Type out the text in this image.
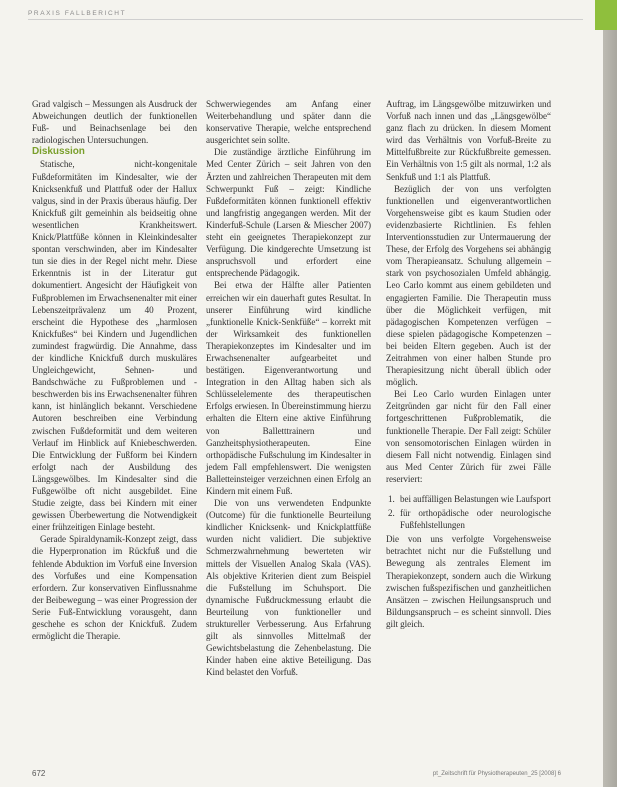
PRAXIS FALLBERICHT

Grad valgisch – Messungen als Ausdruck der Abweichungen deutlich der funktionellen Fuß- und Beinachsenlage bei den radiologischen Untersuchungen.

Diskussion

Statische, nicht-kongenitale Fußdeformitäten im Kindesalter, wie der Knicksenkfuß und Plattfuß oder der Hallux valgus, sind in der Praxis überaus häufig. Der Knickfuß gilt gemeinhin als beidseitig ohne wesentlichen Krankheitswert. Knick/Plattfüße können in Kleinkindesalter spontan verschwinden, aber im Kindesalter tun sie dies in der Regel nicht mehr. Diese Erkenntnis ist in der Literatur gut dokumentiert. Angesicht der Häufigkeit von Fußproblemen im Erwachsenenalter mit einer Lebenszeitprävalenz um 40 Prozent, erscheint die Hypothese des „harmlosen Knickfußes“ bei Kindern und Jugendlichen zumindest fragwürdig. Die Annahme, dass der kindliche Knickfuß durch muskuläres Ungleichgewicht, Sehnen- und Bandschwäche zu Fußproblemen und -beschwerden bis ins Erwachsenenalter führen kann, ist hinlänglich bekannt. Verschiedene Autoren beschreiben eine Verbindung zwischen Fußdeformität und dem weiteren Verlauf im Hinblick auf Kniebeschwerden. Die Entwicklung der Fußform bei Kindern erfolgt nach der Ausbildung des Längsgewölbes. Im Kindesalter sind die Fußgewölbe oft nicht ausgebildet. Eine Studie zeigte, dass bei Kindern mit einer gewissen Überbewertung die Notwendigkeit einer frühzeitigen Einlage besteht.

Gerade Spiraldynamik-Konzept zeigt, dass die Hyperpronation im Rückfuß und die fehlende Abduktion im Vorfuß eine Inversion des Vorfußes und eine Kompensation erfordern. Zur konservativen Einflussnahme der Beibewegung – was einer Progression der Serie Fuß-Entwicklung vorausgeht, dann geschehe es schon der Knickfuß. Zudem ermöglicht die Therapie.

Schwerwiegendes am Anfang einer Weiterbehandlung und später dann die konservative Therapie, welche entsprechend ausgerichtet sein sollte.

Die zuständige ärztliche Einführung im Med Center Zürich – seit Jahren von den Ärzten und zahlreichen Therapeuten mit dem Schwerpunkt Fuß – zeigt: Kindliche Fußdeformitäten können funktionell effektiv und langfristig angegangen werden. Mit der Kinderfuß-Schule (Larsen & Miescher 2007) steht ein geeignetes Therapiekonzept zur Verfügung. Die kindgerechte Umsetzung ist anspruchsvoll und erfordert eine entsprechende Pädagogik.

Bei etwa der Hälfte aller Patienten erreichen wir ein dauerhaft gutes Resultat. In unserer Einführung wird kindliche „funktionelle Knick-Senkfüße“ – korrekt mit der Wirksamkeit des funktionellen Therapiekonzeptes im Kindesalter und im Erwachsenenalter aufgearbeitet und bestätigen. Eigenverantwortung und Integration in den Alltag haben sich als Schlüsselelemente des therapeutischen Erfolgs erwiesen. In Übereinstimmung hierzu erhalten die Eltern eine aktive Einführung von Balletttrainern und Ganzheitsphysiotherapeuten. Eine orthopädische Fußschulung im Kindesalter in jedem Fall empfehlenswert. Die wenigsten Balletteinsteiger verzeichnen einen Erfolg an Kindern mit einem Fuß.

Die von uns verwendeten Endpunkte (Outcome) für die funktionelle Beurteilung kindlicher Knicksenk- und Knickplattfüße wurden nicht validiert. Die subjektive Schmerzwahrnehmung bewerteten wir mittels der Visuellen Analog Skala (VAS). Als objektive Kriterien dient zum Beispiel die Fußstellung im Schuhsport. Die dynamische Fußdruckmessung erlaubt die Beurteilung von funktioneller und struktureller Verbesserung. Aus Erfahrung gilt als sinnvolles Mittelmaß der Gewichtsbelastung die Zehenbelastung. Die Kinder haben eine aktive Beteiligung. Das Kind belastet den Vorfuß.

Auftrag, im Längsgewölbe mitzuwirken und Vorfuß nach innen und das „Längsgewölbe“ ganz flach zu drücken. In diesem Moment wird das Verhältnis von Vorfuß-Breite zu Mittelfußbreite zur Rückfußbreite gemessen. Ein Verhältnis von 1:5 gilt als normal, 1:2 als Senkfuß und 1:1 als Plattfuß.

Bezüglich der von uns verfolgten funktionellen und eigenverantwortlichen Vorgehensweise gibt es kaum Studien oder evidenzbasierte Richtlinien. Es fehlen Interventionsstudien zur Untermauerung der These, der Erfolg des Vorgehens sei abhängig vom Therapieansatz. Schulung allgemein – stark von psychosozialen Umfeld abhängig. Leo Carlo kommt aus einem gebildeten und engagierten Familie. Die Therapeutin muss über die Möglichkeit verfügen, mit pädagogischen Kompetenzen verfügen – diese spielen pädagogische Kompetenzen – bei beiden Eltern gegeben. Auch ist der Zeitrahmen von einer halben Stunde pro Therapiesitzung nicht überall üblich oder möglich.

Bei Leo Carlo wurden Einlagen unter Zeitgründen gar nicht für den Fall einer fortgeschrittenen Fußproblematik, die funktionelle Therapie. Der Fall zeigt: Schüler von sensomotorischen Einlagen würden in diesem Fall nicht notwendig. Einlagen sind aus Med Center Zürich für zwei Fälle reserviert:

1. bei auffälligen Belastungen wie Laufsport
2. für orthopädische oder neurologische Fußfehlstellungen

Die von uns verfolgte Vorgehensweise betrachtet nicht nur die Fußstellung und Bewegung als zentrales Element im Therapiekonzept, sondern auch die Wirkung zwischen fußspezifischen und ganzheitlichen Ansätzen – zwischen Heilungsanspruch und Bildungsanspruch – es scheint sinnvoll. Dies gilt gleich.

672	pt_Zeitschrift für Physiotherapeuten_25 [2008] 6
